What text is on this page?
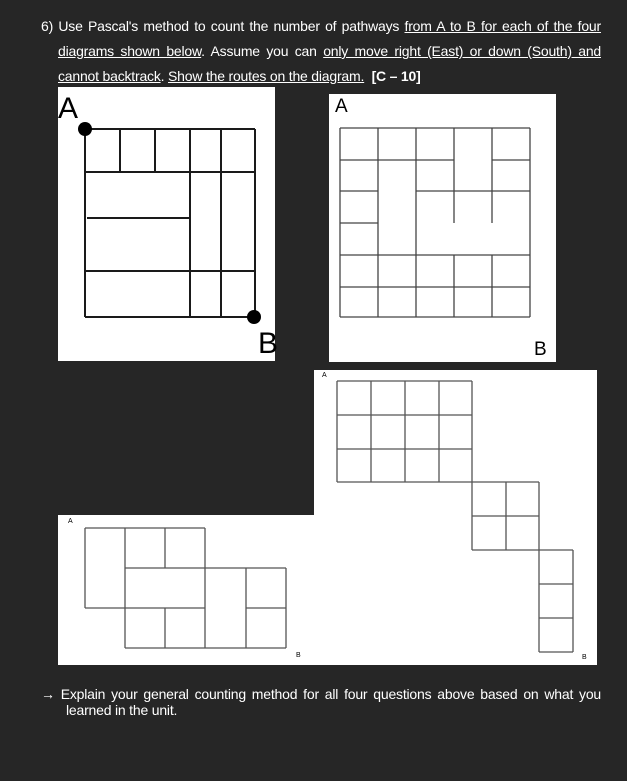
6) Use Pascal's method to count the number of pathways from A to B for each of the four
diagrams shown below. Assume you can only move right (East) or down (South) and
cannot backtrack. Show the routes on the diagram. [C – 10]
A
B
A
B
A
B
A
B
→ Explain your general counting method for all four questions above based on what you
learned in the unit.
